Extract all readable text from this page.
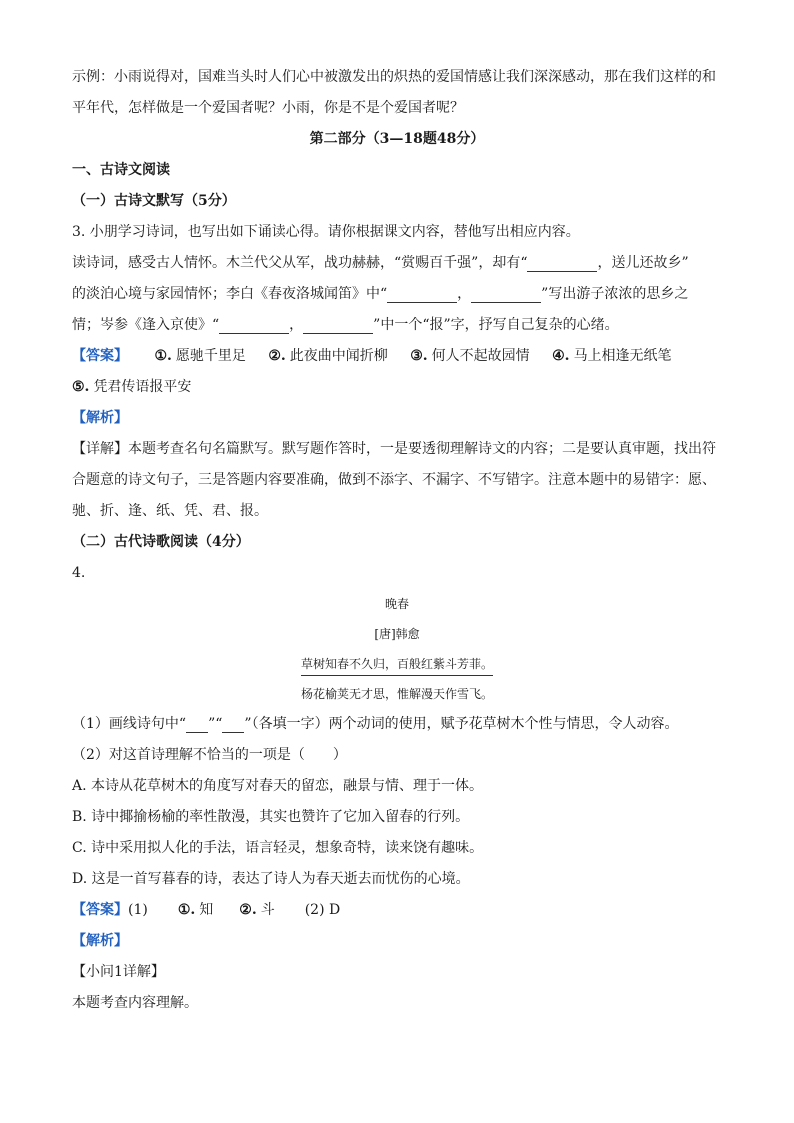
示例：小雨说得对，国难当头时人们心中被激发出的炽热的爱国情感让我们深深感动，那在我们这样的和
平年代，怎样做是一个爱国者呢？小雨，你是不是个爱国者呢？
第二部分（3—18题48分）
一、古诗文阅读
（一）古诗文默写（5分）
3. 小朋学习诗词，也写出如下诵读心得。请你根据课文内容，替他写出相应内容。
读诗词，感受古人情怀。木兰代父从军，战功赫赫，“赏赐百千强”，却有“	，送儿还故乡”
的淡泊心境与家园情怀；李白《春夜洛城闻笛》中“	，	”写出游子浓浓的思乡之
情；岑参《逢入京使》“	，	”中一个“报”字，抒写自己复杂的心绪。
【答案】 ①. 愿驰千里足 ②. 此夜曲中闻折柳 ③. 何人不起故园情 ④. 马上相逢无纸笔
⑤. 凭君传语报平安
【解析】
【详解】本题考查名句名篇默写。默写题作答时，一是要透彻理解诗文的内容；二是要认真审题，找出符
合题意的诗文句子，三是答题内容要准确，做到不添字、不漏字、不写错字。注意本题中的易错字：愿、
驰、折、逢、纸、凭、君、报。
（二）古代诗歌阅读（4分）
4.
晚春
[唐]韩愈
草树知春不久归，百般红紫斗芳菲。
杨花榆荚无才思，惟解漫天作雪飞。
（1）画线诗句中“ ”“ ”（各填一字）两个动词的使用，赋予花草树木个性与情思，令人动容。
（2）对这首诗理解不恰当的一项是（　　）
A. 本诗从花草树木的角度写对春天的留恋，融景与情、理于一体。
B. 诗中揶揄杨榆的率性散漫，其实也赞许了它加入留春的行列。
C. 诗中采用拟人化的手法，语言轻灵，想象奇特，读来饶有趣味。
D. 这是一首写暮春的诗，表达了诗人为春天逝去而忧伤的心境。
【答案】(1) ①. 知 ②. 斗 (2) D
【解析】
【小问1详解】
本题考查内容理解。
